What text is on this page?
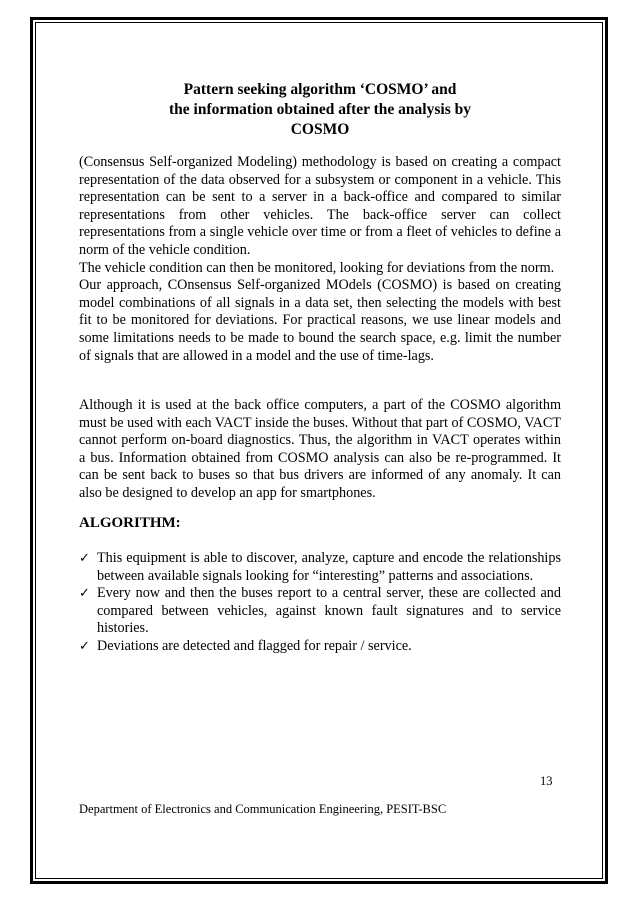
Pattern seeking algorithm ‘COSMO’ and
the information obtained after the analysis by
COSMO

(Consensus Self-organized Modeling) methodology is based on creating a compact representation of the data observed for a subsystem or component in a vehicle. This representation can be sent to a server in a back-office and compared to similar representations from other vehicles. The back-office server can collect representations from a single vehicle over time or from a fleet of vehicles to define a norm of the vehicle condition.

The vehicle condition can then be monitored, looking for deviations from the norm.

Our approach, COnsensus Self-organized MOdels (COSMO) is based on creating model combinations of all signals in a data set, then selecting the models with best fit to be monitored for deviations. For practical reasons, we use linear models and some limitations needs to be made to bound the search space, e.g. limit the number of signals that are allowed in a model and the use of time-lags.

Although it is used at the back office computers, a part of the COSMO algorithm must be used with each VACT inside the buses. Without that part of COSMO, VACT cannot perform on-board diagnostics. Thus, the algorithm in VACT operates within a bus. Information obtained from COSMO analysis can also be re-programmed. It can be sent back to buses so that bus drivers are informed of any anomaly. It can also be designed to develop an app for smartphones.

ALGORITHM:
✓ This equipment is able to discover, analyze, capture and encode the relationships between available signals looking for “interesting” patterns and associations.
✓ Every now and then the buses report to a central server, these are collected and compared between vehicles, against known fault signatures and to service histories.
✓ Deviations are detected and flagged for repair / service.
13
Department of Electronics and Communication Engineering, PESIT-BSC
